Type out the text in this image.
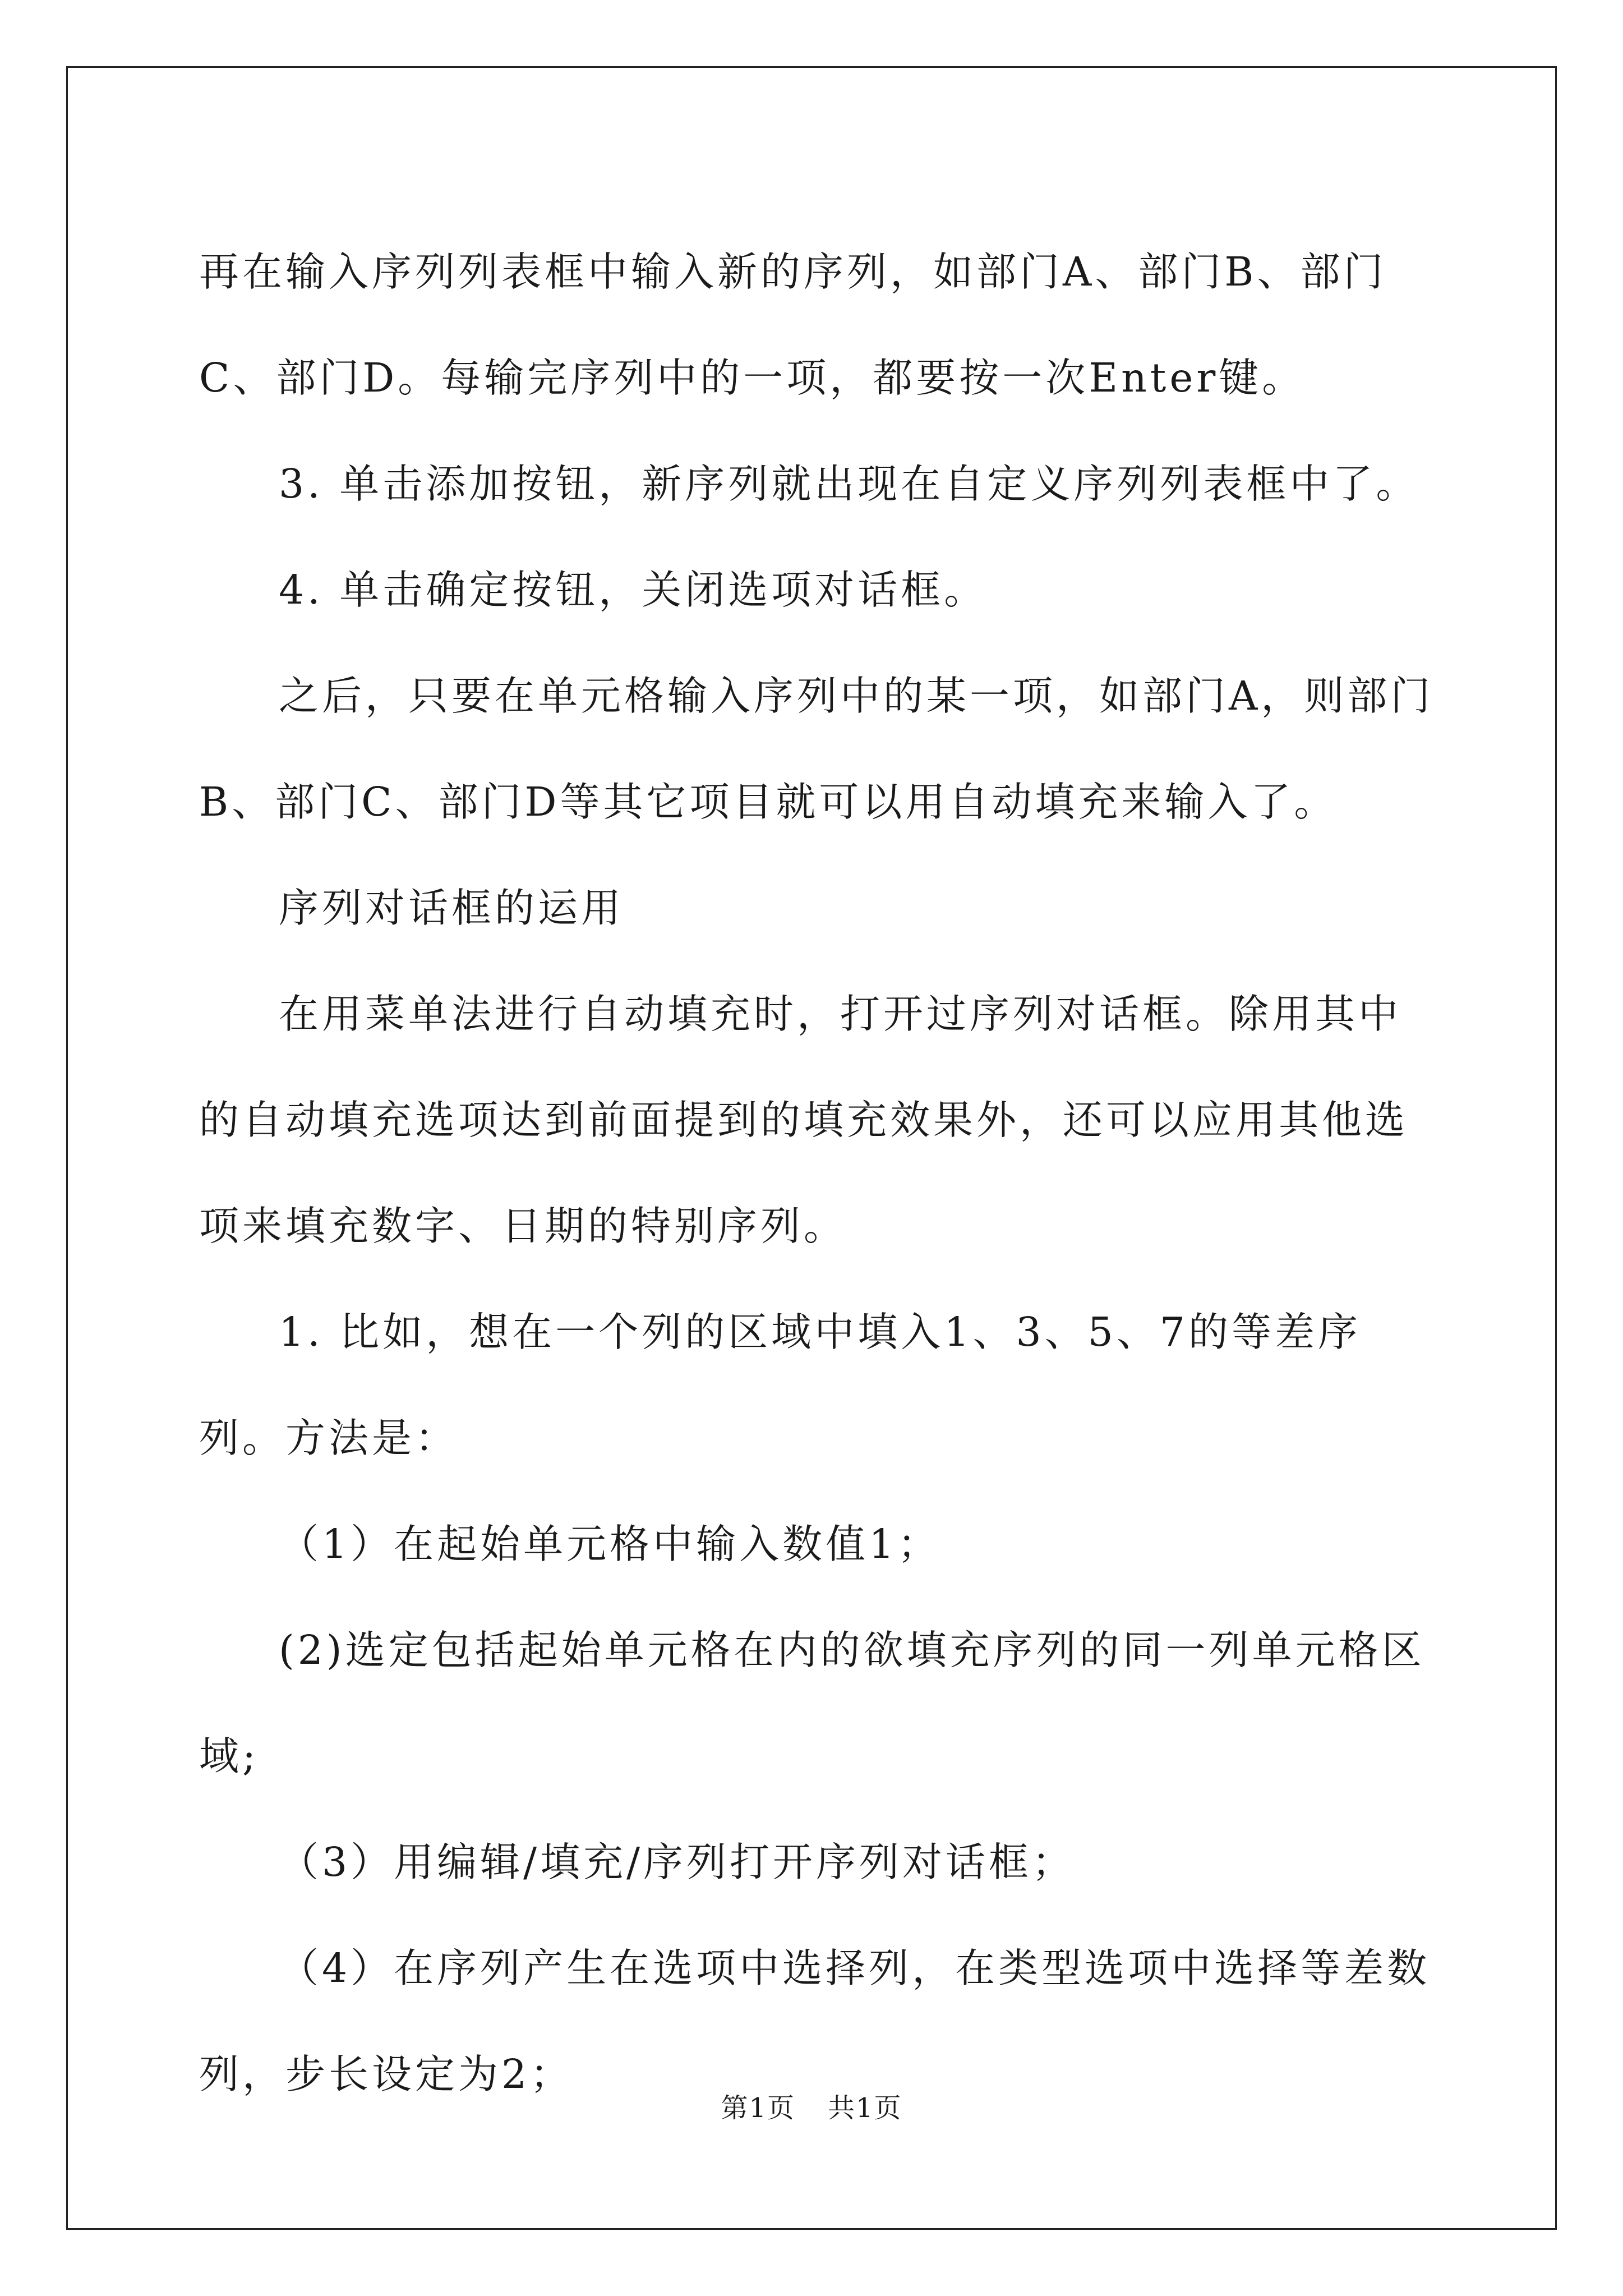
再在输入序列列表框中输入新的序列，如部门A、部门B、部门C、部门D。每输完序列中的一项，都要按一次Enter键。

3. 单击添加按钮，新序列就出现在自定义序列列表框中了。

4. 单击确定按钮，关闭选项对话框。

之后，只要在单元格输入序列中的某一项，如部门A，则部门B、部门C、部门D等其它项目就可以用自动填充来输入了。

序列对话框的运用

在用菜单法进行自动填充时，打开过序列对话框。除用其中的自动填充选项达到前面提到的填充效果外，还可以应用其他选项来填充数字、日期的特别序列。

1. 比如，想在一个列的区域中填入1、3、5、7的等差序列。方法是：

（1）在起始单元格中输入数值1；

(2)选定包括起始单元格在内的欲填充序列的同一列单元格区域;

（3）用编辑/填充/序列打开序列对话框；

（4）在序列产生在选项中选择列，在类型选项中选择等差数列，步长设定为2；

第1页 共1页
